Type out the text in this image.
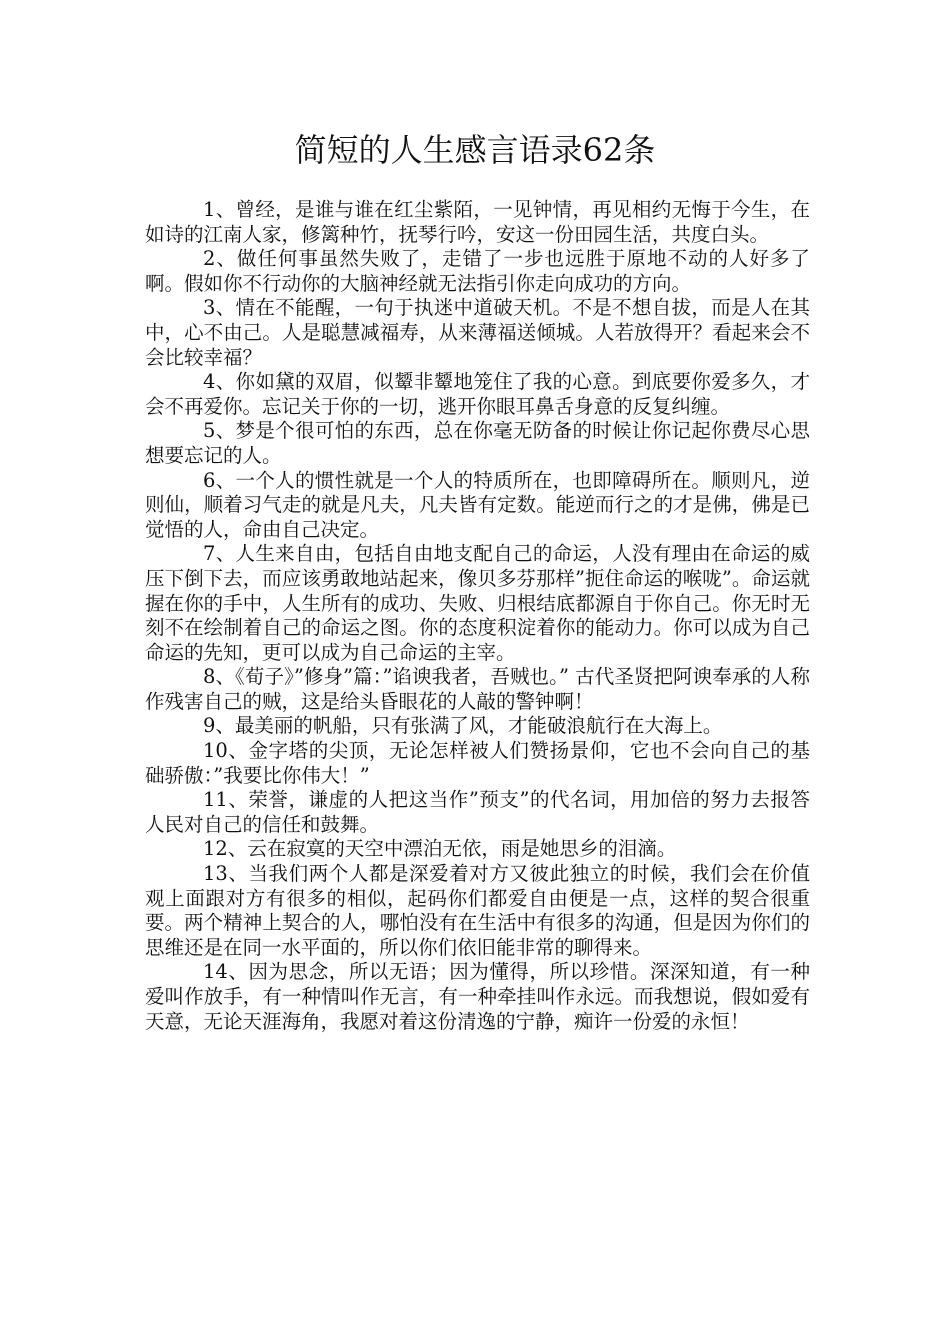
简短的人生感言语录62条

1、曾经，是谁与谁在红尘紫陌，一见钟情，再见相约无悔于今生，在如诗的江南人家，修篱种竹，抚琴行吟，安这一份田园生活，共度白头。

2、做任何事虽然失败了，走错了一步也远胜于原地不动的人好多了啊。假如你不行动你的大脑神经就无法指引你走向成功的方向。

3、情在不能醒，一句于执迷中道破天机。不是不想自拔，而是人在其中，心不由己。人是聪慧减福寿，从来薄福送倾城。人若放得开？看起来会不会比较幸福？

4、你如黛的双眉，似颦非颦地笼住了我的心意。到底要你爱多久，才会不再爱你。忘记关于你的一切，逃开你眼耳鼻舌身意的反复纠缠。

5、梦是个很可怕的东西，总在你毫无防备的时候让你记起你费尽心思想要忘记的人。

6、一个人的惯性就是一个人的特质所在，也即障碍所在。顺则凡，逆则仙，顺着习气走的就是凡夫，凡夫皆有定数。能逆而行之的才是佛，佛是已觉悟的人，命由自己决定。

7、人生来自由，包括自由地支配自己的命运，人没有理由在命运的威压下倒下去，而应该勇敢地站起来，像贝多芬那样”扼住命运的喉咙”。命运就握在你的手中，人生所有的成功、失败、归根结底都源自于你自己。你无时无刻不在绘制着自己的命运之图。你的态度积淀着你的能动力。你可以成为自己命运的先知，更可以成为自己命运的主宰。

8、《荀子》”修身”篇：”谄谀我者，吾贼也。” 古代圣贤把阿谀奉承的人称作残害自己的贼，这是给头昏眼花的人敲的警钟啊！

9、最美丽的帆船，只有张满了风，才能破浪航行在大海上。

10、金字塔的尖顶，无论怎样被人们赞扬景仰，它也不会向自己的基础骄傲：”我要比你伟大！”

11、荣誉，谦虚的人把这当作”预支”的代名词，用加倍的努力去报答人民对自己的信任和鼓舞。

12、云在寂寞的天空中漂泊无依，雨是她思乡的泪滴。

13、当我们两个人都是深爱着对方又彼此独立的时候，我们会在价值观上面跟对方有很多的相似，起码你们都爱自由便是一点，这样的契合很重要。两个精神上契合的人，哪怕没有在生活中有很多的沟通，但是因为你们的思维还是在同一水平面的，所以你们依旧能非常的聊得来。

14、因为思念，所以无语；因为懂得，所以珍惜。深深知道，有一种爱叫作放手，有一种情叫作无言，有一种牵挂叫作永远。而我想说，假如爱有天意，无论天涯海角，我愿对着这份清逸的宁静，痴许一份爱的永恒！
